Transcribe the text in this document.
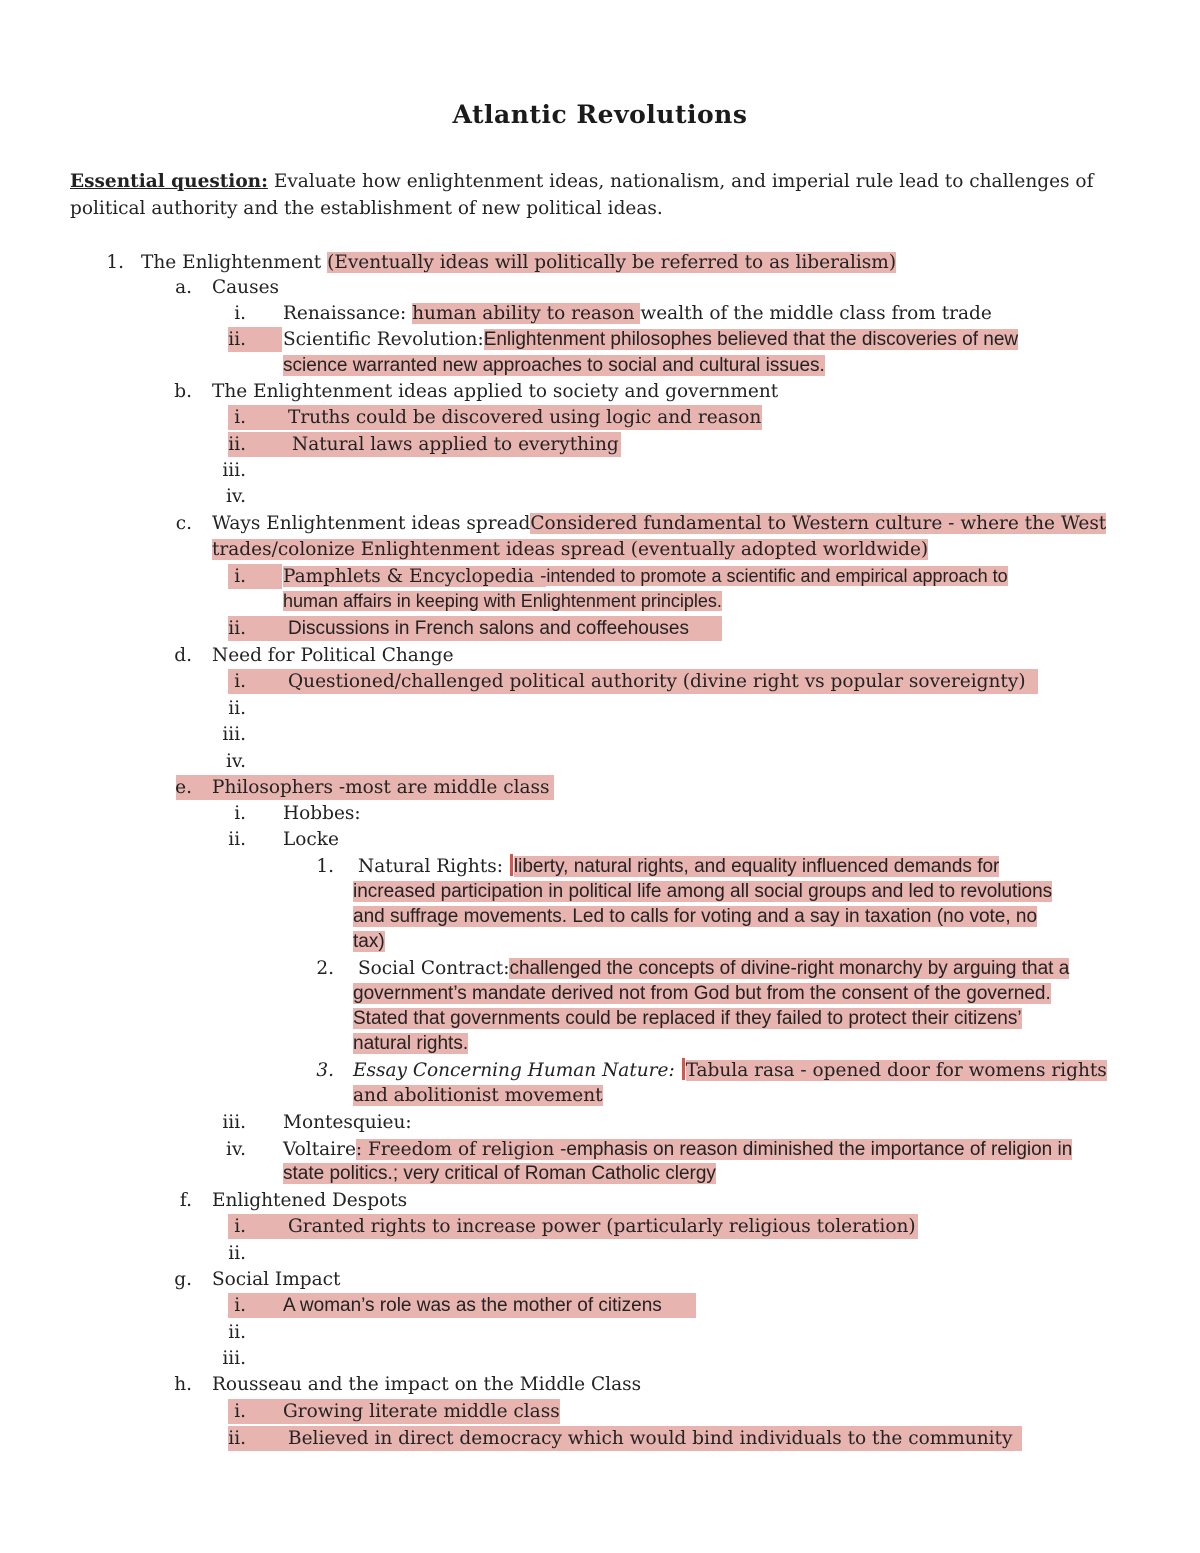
Atlantic Revolutions
Essential question: Evaluate how enlightenment ideas, nationalism, and imperial rule lead to challenges of political authority and the establishment of new political ideas.
1. The Enlightenment (Eventually ideas will politically be referred to as liberalism)
a. Causes
i. Renaissance: human ability to reason wealth of the middle class from trade
ii. Scientific Revolution:Enlightenment philosophes believed that the discoveries of new
science warranted new approaches to social and cultural issues.
b. The Enlightenment ideas applied to society and government
i. Truths could be discovered using logic and reason
ii. Natural laws applied to everything
iii.
iv.
c. Ways Enlightenment ideas spreadConsidered fundamental to Western culture - where the West
trades/colonize Enlightenment ideas spread (eventually adopted worldwide)
i. Pamphlets & Encyclopedia -intended to promote a scientific and empirical approach to
human affairs in keeping with Enlightenment principles.
ii. Discussions in French salons and coffeehouses
d. Need for Political Change
i. Questioned/challenged political authority (divine right vs popular sovereignty)
ii.
iii.
iv.
e. Philosophers -most are middle class
i. Hobbes:
ii. Locke
1. Natural Rights: liberty, natural rights, and equality influenced demands for
increased participation in political life among all social groups and led to revolutions
and suffrage movements. Led to calls for voting and a say in taxation (no vote, no
tax)
2. Social Contract:challenged the concepts of divine-right monarchy by arguing that a
government’s mandate derived not from God but from the consent of the governed.
Stated that governments could be replaced if they failed to protect their citizens’
natural rights.
3. Essay Concerning Human Nature: Tabula rasa - opened door for womens rights
and abolitionist movement
iii. Montesquieu:
iv. Voltaire: Freedom of religion -emphasis on reason diminished the importance of religion in
state politics.; very critical of Roman Catholic clergy
f. Enlightened Despots
i. Granted rights to increase power (particularly religious toleration)
ii.
g. Social Impact
i. A woman’s role was as the mother of citizens
ii.
iii.
h. Rousseau and the impact on the Middle Class
i. Growing literate middle class
ii. Believed in direct democracy which would bind individuals to the community
